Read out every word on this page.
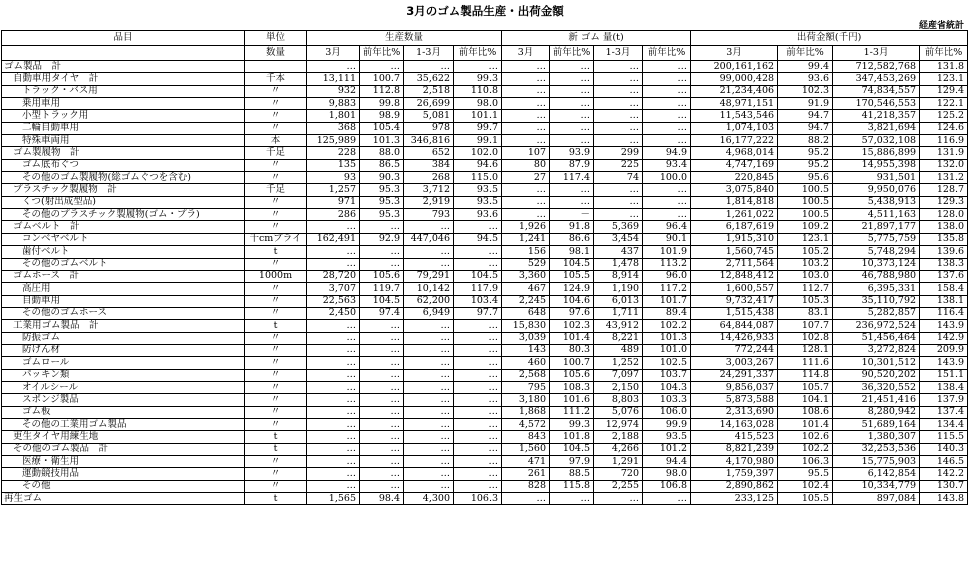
3月のゴム製品生産・出荷金額
経産省統計
品目	単位	生産数量				新 ゴム 量(t)				出荷金額(千円)			
	数量	3月	前年比%	1-3月	前年比%	3月	前年比%	1-3月	前年比%	3月	前年比%	1-3月	前年比%
ゴム製品　計		…	…	…	…	…	…	…	…	200,161,162	99.4	712,582,768	131.8
自動車用タイヤ　計	千本	13,111	100.7	35,622	99.3	…	…	…	…	99,000,428	93.6	347,453,269	123.1
トラック・バス用	〃	932	112.8	2,518	110.8	…	…	…	…	21,234,406	102.3	74,834,557	129.4
乗用車用	〃	9,883	99.8	26,699	98.0	…	…	…	…	48,971,151	91.9	170,546,553	122.1
小型トラック用	〃	1,801	98.9	5,081	101.1	…	…	…	…	11,543,546	94.7	41,218,357	125.2
二輪自動車用	〃	368	105.4	978	99.7	…	…	…	…	1,074,103	94.7	3,821,694	124.6
特殊車両用	本	125,989	101.3	346,816	99.1	…	…	…	…	16,177,222	88.2	57,032,108	116.9
ゴム製履物　計	千足	228	88.0	652	102.0	107	93.9	299	94.9	4,968,014	95.2	15,886,899	131.9
ゴム底布ぐつ	〃	135	86.5	384	94.6	80	87.9	225	93.4	4,747,169	95.2	14,955,398	132.0
その他のゴム製履物(総ゴムぐつを含む)	〃	93	90.3	268	115.0	27	117.4	74	100.0	220,845	95.6	931,501	131.2
プラスチック製履物　計	千足	1,257	95.3	3,712	93.5	…	…	…	…	3,075,840	100.5	9,950,076	128.7
くつ(射出成型品)	〃	971	95.3	2,919	93.5	…	…	…	…	1,814,818	100.5	5,438,913	129.3
その他のプラスチック製履物(ゴム・プラ)	〃	286	95.3	793	93.6	…	－	…	…	1,261,022	100.5	4,511,163	128.0
ゴムベルト　計	〃	…	…	…	…	1,926	91.8	5,369	96.4	6,187,619	109.2	21,897,177	138.0
コンベヤベルト	千cmプライ	162,491	92.9	447,046	94.5	1,241	86.6	3,454	90.1	1,915,310	123.1	5,775,759	135.8
歯付ベルト	t	…	…	…	…	156	98.1	437	101.9	1,560,745	105.2	5,748,294	139.6
その他のゴムベルト	〃	…	…	…	…	529	104.5	1,478	113.2	2,711,564	103.2	10,373,124	138.3
ゴムホース　計	1000m	28,720	105.6	79,291	104.5	3,360	105.5	8,914	96.0	12,848,412	103.0	46,788,980	137.6
高圧用	〃	3,707	119.7	10,142	117.9	467	124.9	1,190	117.2	1,600,557	112.7	6,395,331	158.4
自動車用	〃	22,563	104.5	62,200	103.4	2,245	104.6	6,013	101.7	9,732,417	105.3	35,110,792	138.1
その他のゴムホース	〃	2,450	97.4	6,949	97.7	648	97.6	1,711	89.4	1,515,438	83.1	5,282,857	116.4
工業用ゴム製品　計	t	…	…	…	…	15,830	102.3	43,912	102.2	64,844,087	107.7	236,972,524	143.9
防振ゴム	〃	…	…	…	…	3,039	101.4	8,221	101.3	14,426,933	102.8	51,456,464	142.9
防げん材	〃	…	…	…	…	143	80.3	489	101.0	772,244	128.1	3,272,824	209.9
ゴムロール	〃	…	…	…	…	460	100.7	1,252	102.5	3,003,267	111.6	10,301,512	143.9
パッキン類	〃	…	…	…	…	2,568	105.6	7,097	103.7	24,291,337	114.8	90,520,202	151.1
オイルシール	〃	…	…	…	…	795	108.3	2,150	104.3	9,856,037	105.7	36,320,552	138.4
スポンジ製品	〃	…	…	…	…	3,180	101.6	8,803	103.3	5,873,588	104.1	21,451,416	137.9
ゴム板	〃	…	…	…	…	1,868	111.2	5,076	106.0	2,313,690	108.6	8,280,942	137.4
その他の工業用ゴム製品	〃	…	…	…	…	4,572	99.3	12,974	99.9	14,163,028	101.4	51,689,164	134.4
更生タイヤ用練生地	t	…	…	…	…	843	101.8	2,188	93.5	415,523	102.6	1,380,307	115.5
その他のゴム製品　計	t	…	…	…	…	1,560	104.5	4,266	101.2	8,821,239	102.2	32,253,536	140.3
医療・衛生用	〃	…	…	…	…	471	97.9	1,291	94.4	4,170,980	106.3	15,775,903	146.5
運動競技用品	〃	…	…	…	…	261	88.5	720	98.0	1,759,397	95.5	6,142,854	142.2
その他	〃	…	…	…	…	828	115.8	2,255	106.8	2,890,862	102.4	10,334,779	130.7
再生ゴム	t	1,565	98.4	4,300	106.3	…	…	…	…	233,125	105.5	897,084	143.8
